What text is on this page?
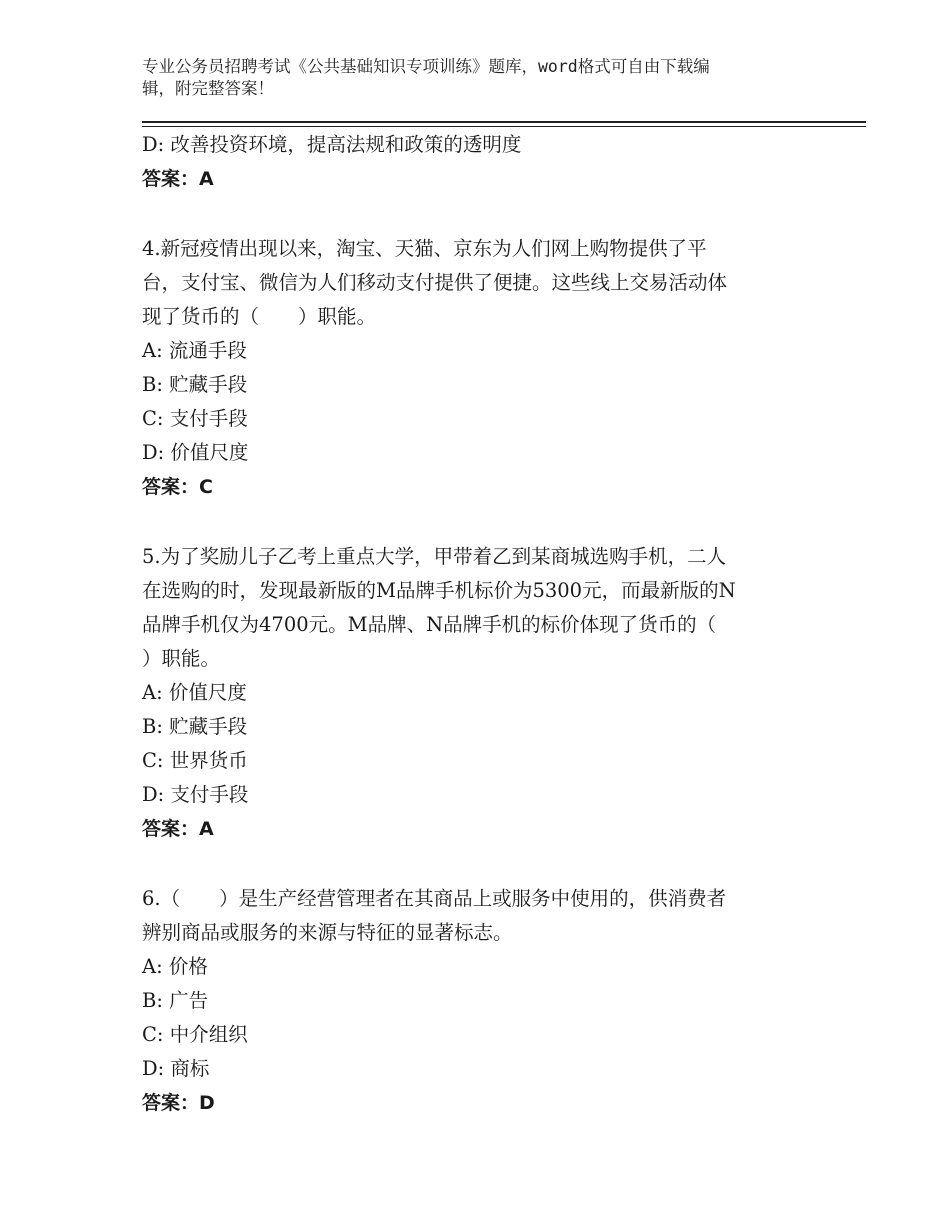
专业公务员招聘考试《公共基础知识专项训练》题库，word格式可自由下载编
辑，附完整答案！
D: 改善投资环境，提高法规和政策的透明度
答案：A
4.新冠疫情出现以来，淘宝、天猫、京东为人们网上购物提供了平
台，支付宝、微信为人们移动支付提供了便捷。这些线上交易活动体
现了货币的（　　）职能。
A: 流通手段
B: 贮藏手段
C: 支付手段
D: 价值尺度
答案：C
5.为了奖励儿子乙考上重点大学，甲带着乙到某商城选购手机，二人
在选购的时，发现最新版的M品牌手机标价为5300元，而最新版的N
品牌手机仅为4700元。M品牌、N品牌手机的标价体现了货币的（
）职能。
A: 价值尺度
B: 贮藏手段
C: 世界货币
D: 支付手段
答案：A
6.（　　）是生产经营管理者在其商品上或服务中使用的，供消费者
辨别商品或服务的来源与特征的显著标志。
A: 价格
B: 广告
C: 中介组织
D: 商标
答案：D
